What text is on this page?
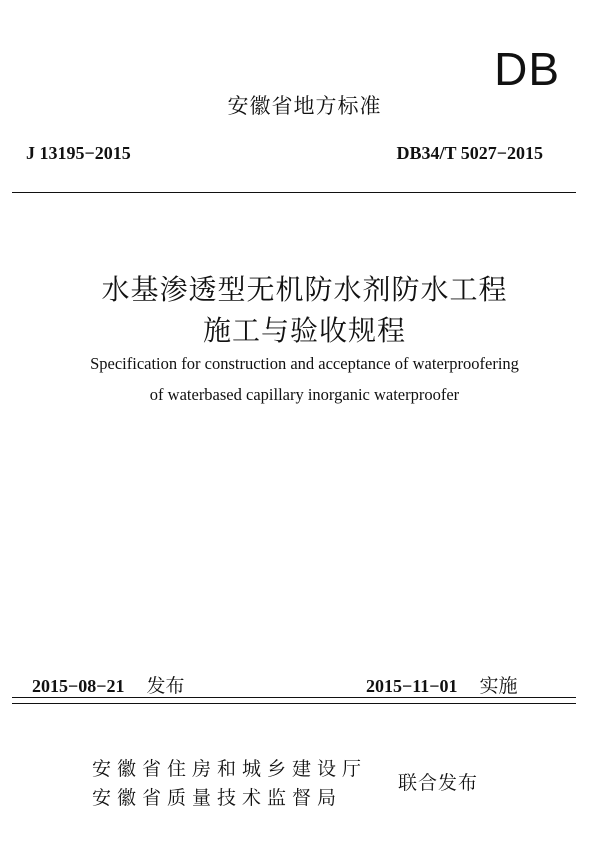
DB
安徽省地方标准
J 13195−2015	DB34/T 5027−2015
水基渗透型无机防水剂防水工程
施工与验收规程
Specification for construction and acceptance of waterproofering
of waterbased capillary inorganic waterproofer
2015−08−21 发布	2015−11−01 实施
安徽省住房和城乡建设厅
安徽省质量技术监督局
联合发布
